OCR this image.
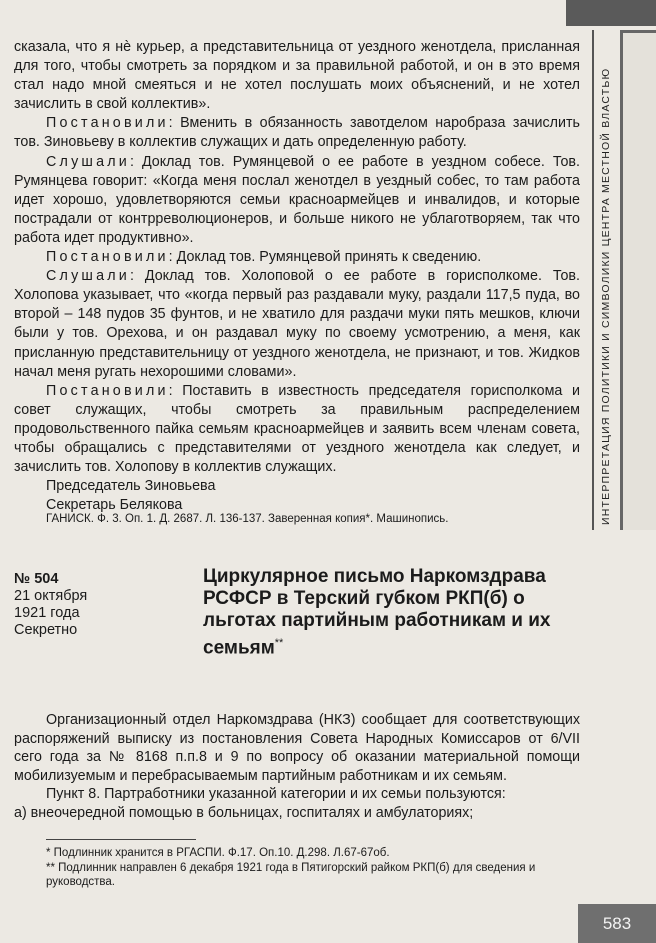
сказала, что я нѐ курьер, а представительница от уездного женотдела, присланная для того, чтобы смотреть за порядком и за правильной работой, и он в это время стал надо мной смеяться и не хотел послушать моих объяснений, и не хотел зачислить в свой коллектив».

Постановили: Вменить в обязанность завотделом наробраза зачислить тов. Зиновьеву в коллектив служащих и дать определенную работу.

Слушали: Доклад тов. Румянцевой о ее работе в уездном собесе. Тов. Румянцева говорит: «Когда меня послал женотдел в уездный собес, то там работа идет хорошо, удовлетворяются семьи красноармейцев и инвалидов, и которые пострадали от контрреволюционеров, и больше никого не ублаготворяем, так что работа идет продуктивно».

Постановили: Доклад тов. Румянцевой принять к сведению.

Слушали: Доклад тов. Холоповой о ее работе в горисполкоме. Тов. Холопова указывает, что «когда первый раз раздавали муку, раздали 117,5 пуда, во второй – 148 пудов 35 фунтов, и не хватило для раздачи муки пять мешков, ключи были у тов. Орехова, и он раздавал муку по своему усмотрению, а меня, как присланную представительницу от уездного женотдела, не признают, и тов. Жидков начал меня ругать нехорошими словами».

Постановили: Поставить в известность председателя горисполкома и совет служащих, чтобы смотреть за правильным распределением продовольственного пайка семьям красноармейцев и заявить всем членам совета, чтобы обращались с представителями от уездного женотдела как следует, и зачислить тов. Холопову в коллектив служащих.

Председатель Зиновьева

Секретарь Белякова

ГАНИСК. Ф. 3. Оп. 1. Д. 2687. Л. 136-137. Заверенная копия*. Машинопись.
№ 504
21 октября
1921 года
Секретно
Циркулярное письмо Наркомздрава РСФСР в Терский губком РКП(б) о льготах партийным работникам и их семьям**

Организационный отдел Наркомздрава (НКЗ) сообщает для соответствующих распоряжений выписку из постановления Совета Народных Комиссаров от 6/VII сего года за № 8168 п.п.8 и 9 по вопросу об оказании материальной помощи мобилизуемым и перебрасываемым партийным работникам и их семьям.

Пункт 8. Партработники указанной категории и их семьи пользуются:

а) внеочередной помощью в больницах, госпиталях и амбулаториях;

* Подлинник хранится в РГАСПИ. Ф.17. Оп.10. Д.298. Л.67-67об.

** Подлинник направлен 6 декабря 1921 года в Пятигорский райком РКП(б) для сведения и руководства.

ИНТЕРПРЕТАЦИЯ ПОЛИТИКИ И СИМВОЛИКИ ЦЕНТРА МЕСТНОЙ ВЛАСТЬЮ
583
